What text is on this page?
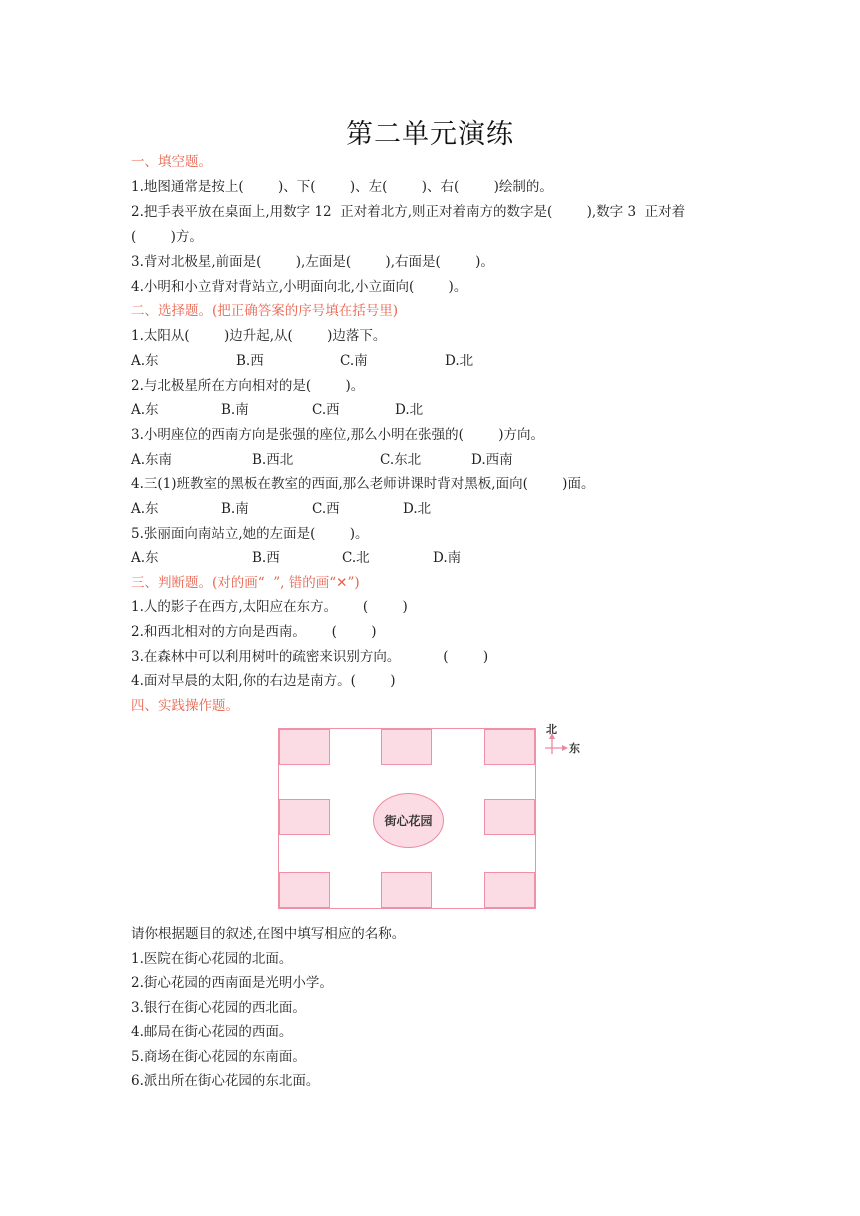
第二单元演练
一、填空题。
1.地图通常是按上(        )、下(        )、左(        )、右(        )绘制的。
2.把手表平放在桌面上,用数字 12  正对着北方,则正对着南方的数字是(        ),数字 3  正对着
(        )方。
3.背对北极星,前面是(        ),左面是(        ),右面是(        )。
4.小明和小立背对背站立,小明面向北,小立面向(        )。
二、选择题。(把正确答案的序号填在括号里)
1.太阳从(        )边升起,从(        )边落下。
A.东	B.西	C.南	D.北
2.与北极星所在方向相对的是(        )。
A.东	B.南	C.西	D.北
3.小明座位的西南方向是张强的座位,那么小明在张强的(        )方向。
A.东南	B.西北	C.东北	D.西南
4.三(1)班教室的黑板在教室的西面,那么老师讲课时背对黑板,面向(        )面。
A.东	B.南	C.西	D.北
5.张丽面向南站立,她的左面是(        )。
A.东	B.西	C.北	D.南
三、判断题。(对的画“  ”, 错的画“✕”)
1.人的影子在西方,太阳应在东方。      (        )
2.和西北相对的方向是西南。      (        )
3.在森林中可以利用树叶的疏密来识别方向。          (        )
4.面对早晨的太阳,你的右边是南方。(        )
四、实践操作题。
街心花园
北
东
请你根据题目的叙述,在图中填写相应的名称。
1.医院在街心花园的北面。
2.街心花园的西南面是光明小学。
3.银行在街心花园的西北面。
4.邮局在街心花园的西面。
5.商场在街心花园的东南面。
6.派出所在街心花园的东北面。
